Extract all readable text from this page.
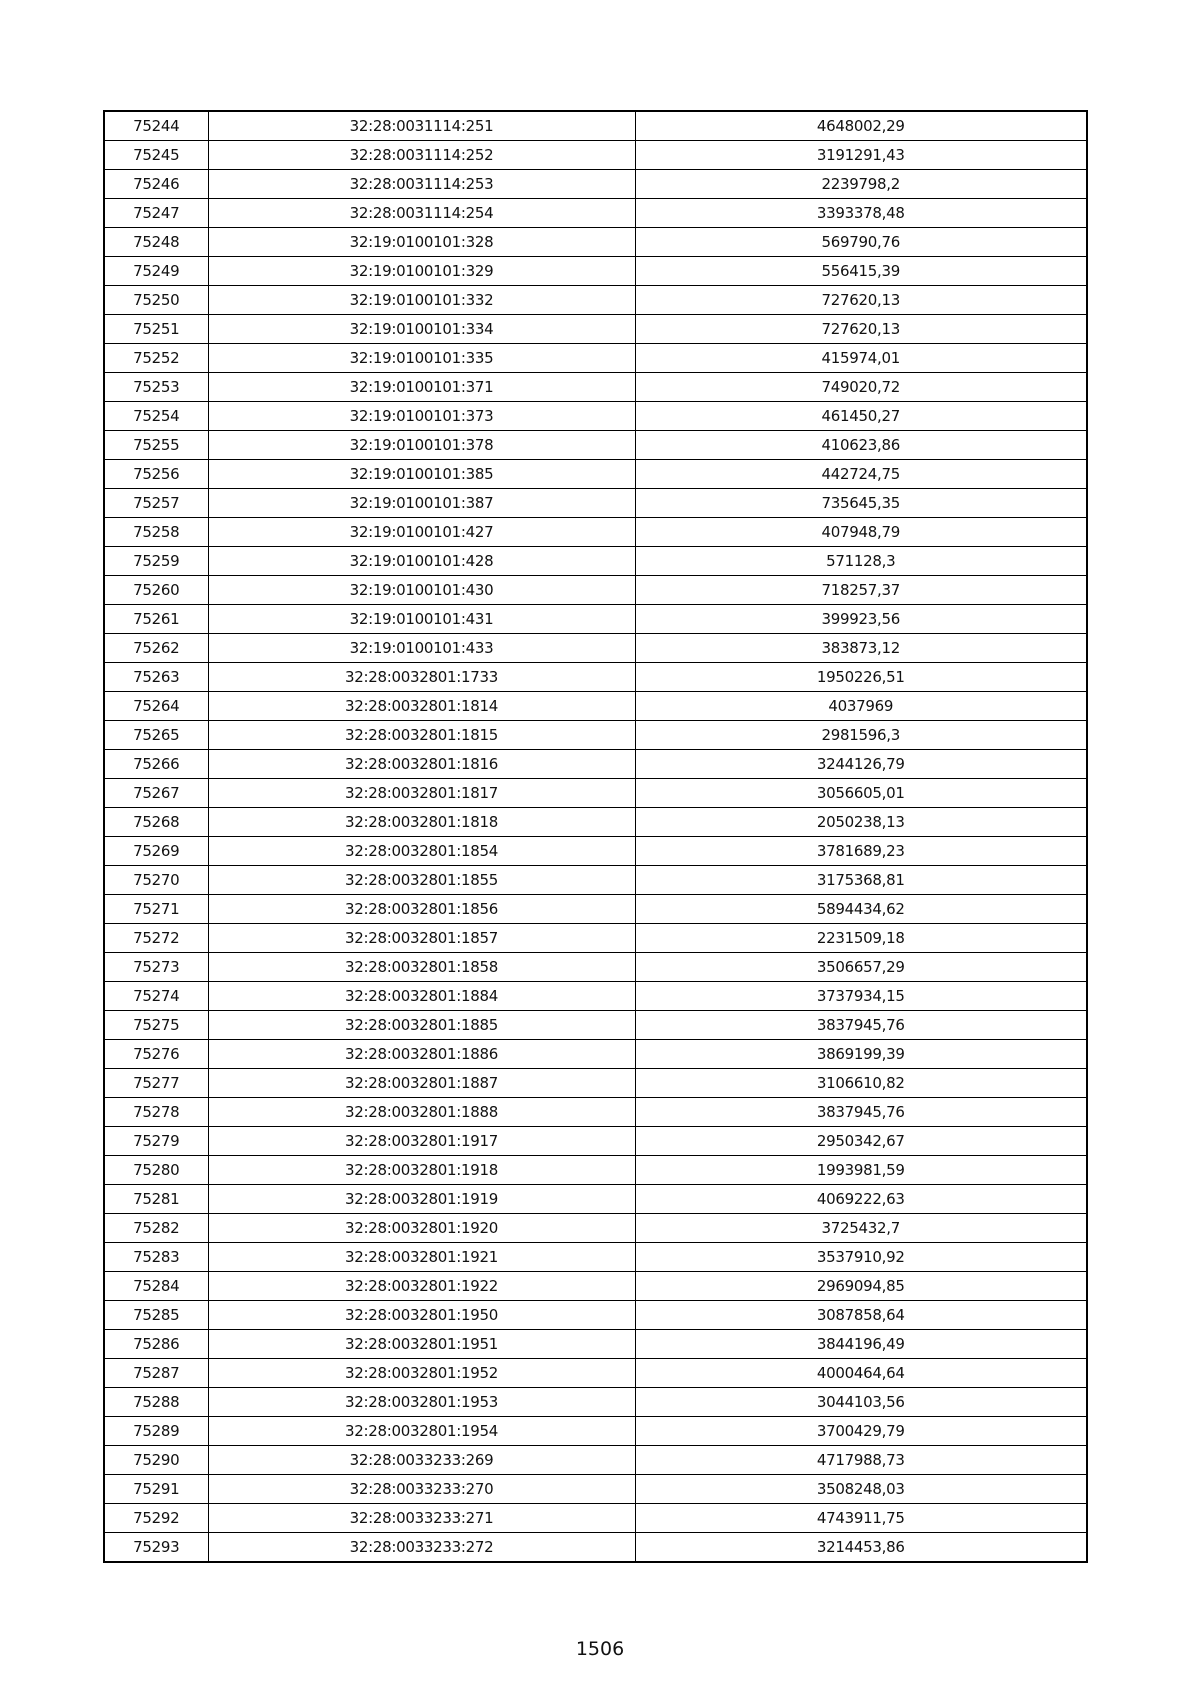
75244	32:28:0031114:251	4648002,29
75245	32:28:0031114:252	3191291,43
75246	32:28:0031114:253	2239798,2
75247	32:28:0031114:254	3393378,48
75248	32:19:0100101:328	569790,76
75249	32:19:0100101:329	556415,39
75250	32:19:0100101:332	727620,13
75251	32:19:0100101:334	727620,13
75252	32:19:0100101:335	415974,01
75253	32:19:0100101:371	749020,72
75254	32:19:0100101:373	461450,27
75255	32:19:0100101:378	410623,86
75256	32:19:0100101:385	442724,75
75257	32:19:0100101:387	735645,35
75258	32:19:0100101:427	407948,79
75259	32:19:0100101:428	571128,3
75260	32:19:0100101:430	718257,37
75261	32:19:0100101:431	399923,56
75262	32:19:0100101:433	383873,12
75263	32:28:0032801:1733	1950226,51
75264	32:28:0032801:1814	4037969
75265	32:28:0032801:1815	2981596,3
75266	32:28:0032801:1816	3244126,79
75267	32:28:0032801:1817	3056605,01
75268	32:28:0032801:1818	2050238,13
75269	32:28:0032801:1854	3781689,23
75270	32:28:0032801:1855	3175368,81
75271	32:28:0032801:1856	5894434,62
75272	32:28:0032801:1857	2231509,18
75273	32:28:0032801:1858	3506657,29
75274	32:28:0032801:1884	3737934,15
75275	32:28:0032801:1885	3837945,76
75276	32:28:0032801:1886	3869199,39
75277	32:28:0032801:1887	3106610,82
75278	32:28:0032801:1888	3837945,76
75279	32:28:0032801:1917	2950342,67
75280	32:28:0032801:1918	1993981,59
75281	32:28:0032801:1919	4069222,63
75282	32:28:0032801:1920	3725432,7
75283	32:28:0032801:1921	3537910,92
75284	32:28:0032801:1922	2969094,85
75285	32:28:0032801:1950	3087858,64
75286	32:28:0032801:1951	3844196,49
75287	32:28:0032801:1952	4000464,64
75288	32:28:0032801:1953	3044103,56
75289	32:28:0032801:1954	3700429,79
75290	32:28:0033233:269	4717988,73
75291	32:28:0033233:270	3508248,03
75292	32:28:0033233:271	4743911,75
75293	32:28:0033233:272	3214453,86
1506
